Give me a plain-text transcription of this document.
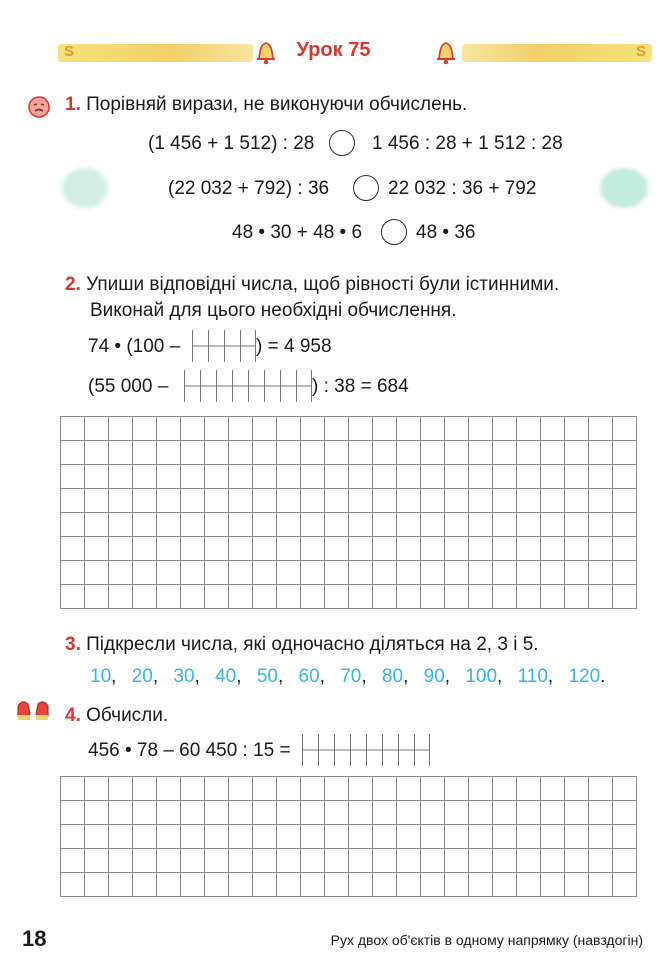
S	S
Урок 75
1. Порівняй вирази, не виконуючи обчислень.
(1 456 + 1 512) : 28	1 456 : 28 + 1 512 : 28
(22 032 + 792) : 36	22 032 : 36 + 792
48 • 30 + 48 • 6	48 • 36
2. Упиши відповідні числа, щоб рівності були істинними.
Виконай для цього необхідні обчислення.
74 • (100 –	) = 4 958
(55 000 –	) : 38 = 684
3. Підкресли числа, які одночасно діляться на 2, 3 і 5.
10, 20, 30, 40, 50, 60, 70, 80, 90, 100, 110, 120.
4. Обчисли.
456 • 78 – 60 450 : 15 =
18	Рух двох об'єктів в одному напрямку (навздогін)
